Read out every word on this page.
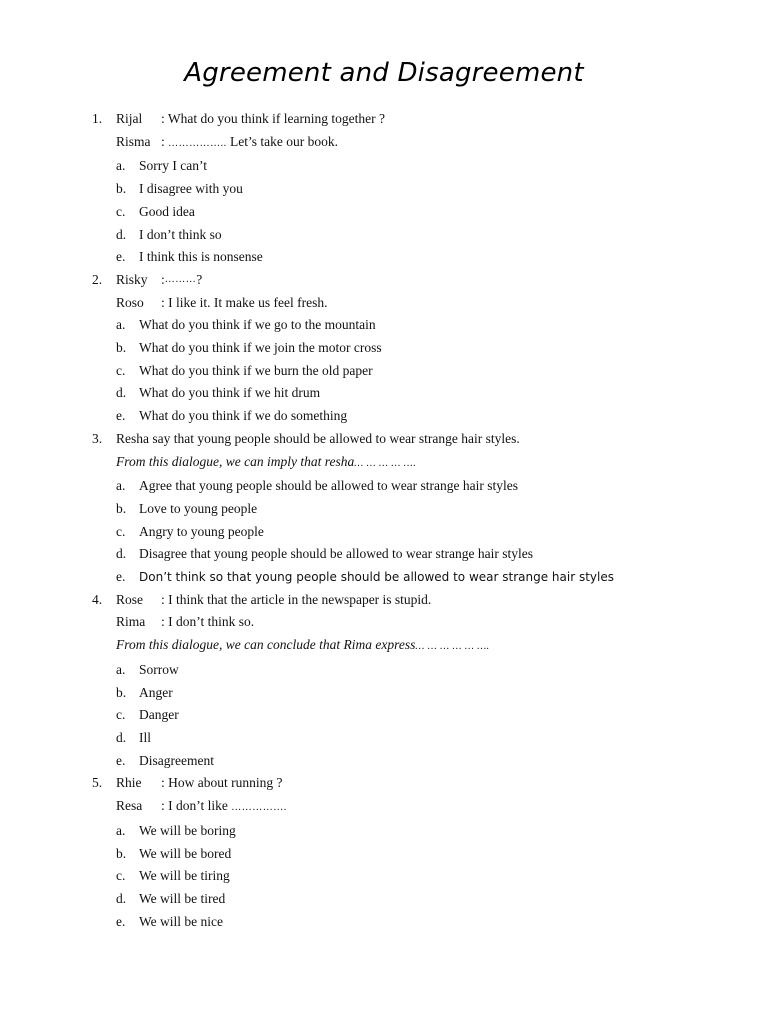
Agreement and Disagreement
1.	Rijal	: What do you think if learning together ?
Risma : …………….. Let’s take our book.
a.	Sorry I can’t
b. I disagree with you
c.	Good idea
d. I don’t think so
e.	I think this is nonsense
2.	Risky : ……… ?
Roso : I like it. It make us feel fresh.
a.	What do you think if we go to the mountain
b. What do you think if we join the motor cross
c.	What do you think if we burn the old paper
d. What do you think if we hit drum
e.	What do you think if we do something
3.	Resha say that young people should be allowed to wear strange hair styles.
From this dialogue, we can imply that resha… … … … ….
a.	Agree that young people should be allowed to wear strange hair styles
b. Love to young people
c.	Angry to young people
d. Disagree that young people should be allowed to wear strange hair styles
e.	Don’t think so that young people should be allowed to wear strange hair styles
4.	Rose	: I think that the article in the newspaper is stupid.
Rima : I don’t think so.
From this dialogue, we can conclude that Rima express… … … … … ….
a.	Sorrow
b. Anger
c.	Danger
d. Ill
e.	Disagreement
5.	Rhie	: How about running ?
Resa : I don’t like …………….
a.	We will be boring
b. We will be bored
c.	We will be tiring
d. We will be tired
e.	We will be nice
